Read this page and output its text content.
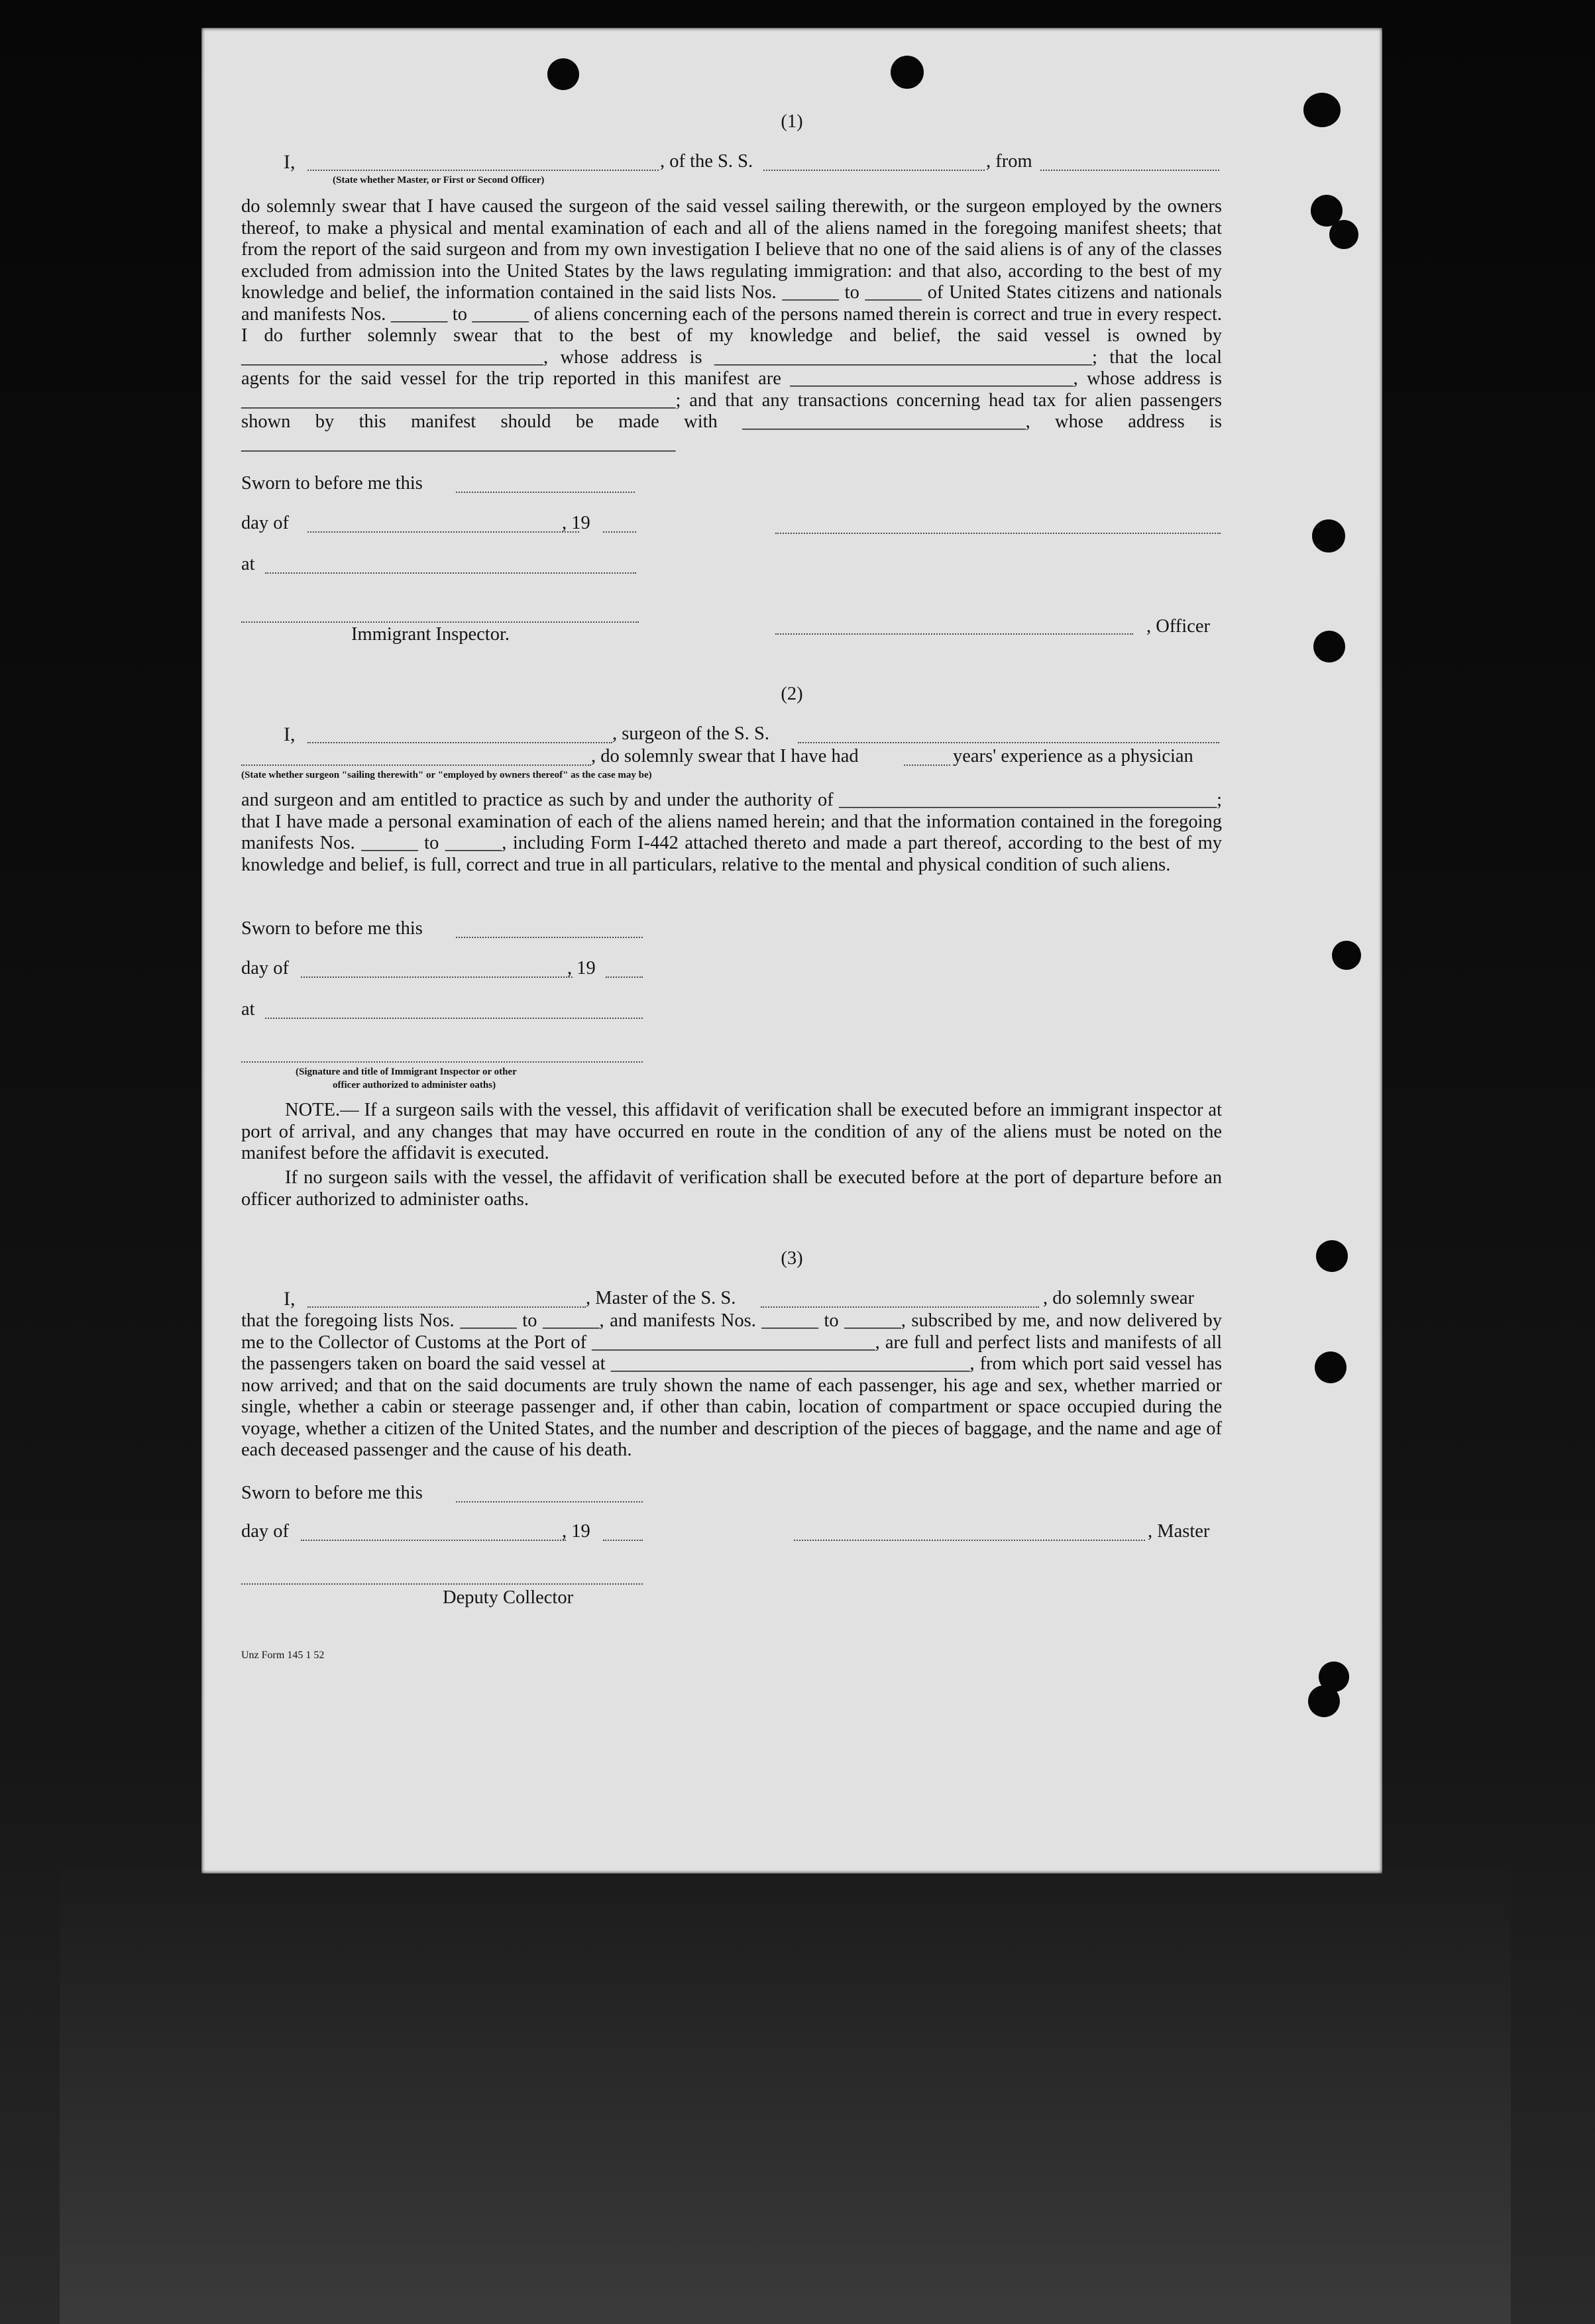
(1)
I,	, of the S. S.	, from
(State whether Master, or First or Second Officer)
do solemnly swear that I have caused the surgeon of the said vessel sailing therewith, or the surgeon employed by the owners thereof, to make a physical and mental examination of each and all of the aliens named in the foregoing manifest sheets; that from the report of the said surgeon and from my own investigation I believe that no one of the said aliens is of any of the classes excluded from admission into the United States by the laws regulating immigration: and that also, according to the best of my knowledge and belief, the information contained in the said lists Nos. ______ to ______ of United States citizens and nationals and manifests Nos. ______ to ______ of aliens concerning each of the persons named therein is correct and true in every respect. I do further solemnly swear that to the best of my knowledge and belief, the said vessel is owned by ________________________________, whose address is ________________________________________; that the local agents for the said vessel for the trip reported in this manifest are ______________________________, whose address is ______________________________________________; and that any transactions concerning head tax for alien passengers shown by this manifest should be made with ______________________________, whose address is ______________________________________________
Sworn to before me this
day of	, 19
at
, Officer
Immigrant Inspector.
(2)
I,	, surgeon of the S. S.
, do solemnly swear that I have had	years' experience as a physician
(State whether surgeon "sailing therewith" or "employed by owners thereof" as the case may be)
and surgeon and am entitled to practice as such by and under the authority of ________________________________________; that I have made a personal examination of each of the aliens named herein; and that the information contained in the foregoing manifests Nos. ______ to ______, including Form I-442 attached thereto and made a part thereof, according to the best of my knowledge and belief, is full, correct and true in all particulars, relative to the mental and physical condition of such aliens.
Sworn to before me this
day of	, 19
at
(Signature and title of Immigrant Inspector or other
officer authorized to administer oaths)
NOTE.— If a surgeon sails with the vessel, this affidavit of verification shall be executed before an immigrant inspector at port of arrival, and any changes that may have occurred en route in the condition of any of the aliens must be noted on the manifest before the affidavit is executed.
If no surgeon sails with the vessel, the affidavit of verification shall be executed before at the port of departure before an officer authorized to administer oaths.
(3)
I,	, Master of the S. S.	, do solemnly swear
that the foregoing lists Nos. ______ to ______, and manifests Nos. ______ to ______, subscribed by me, and now delivered by me to the Collector of Customs at the Port of ______________________________, are full and perfect lists and manifests of all the passengers taken on board the said vessel at ______________________________________, from which port said vessel has now arrived; and that on the said documents are truly shown the name of each passenger, his age and sex, whether married or single, whether a cabin or steerage passenger and, if other than cabin, location of compartment or space occupied during the voyage, whether a citizen of the United States, and the number and description of the pieces of baggage, and the name and age of each deceased passenger and the cause of his death.
Sworn to before me this
day of	, 19	, Master
Deputy Collector
Unz Form 145 1 52
